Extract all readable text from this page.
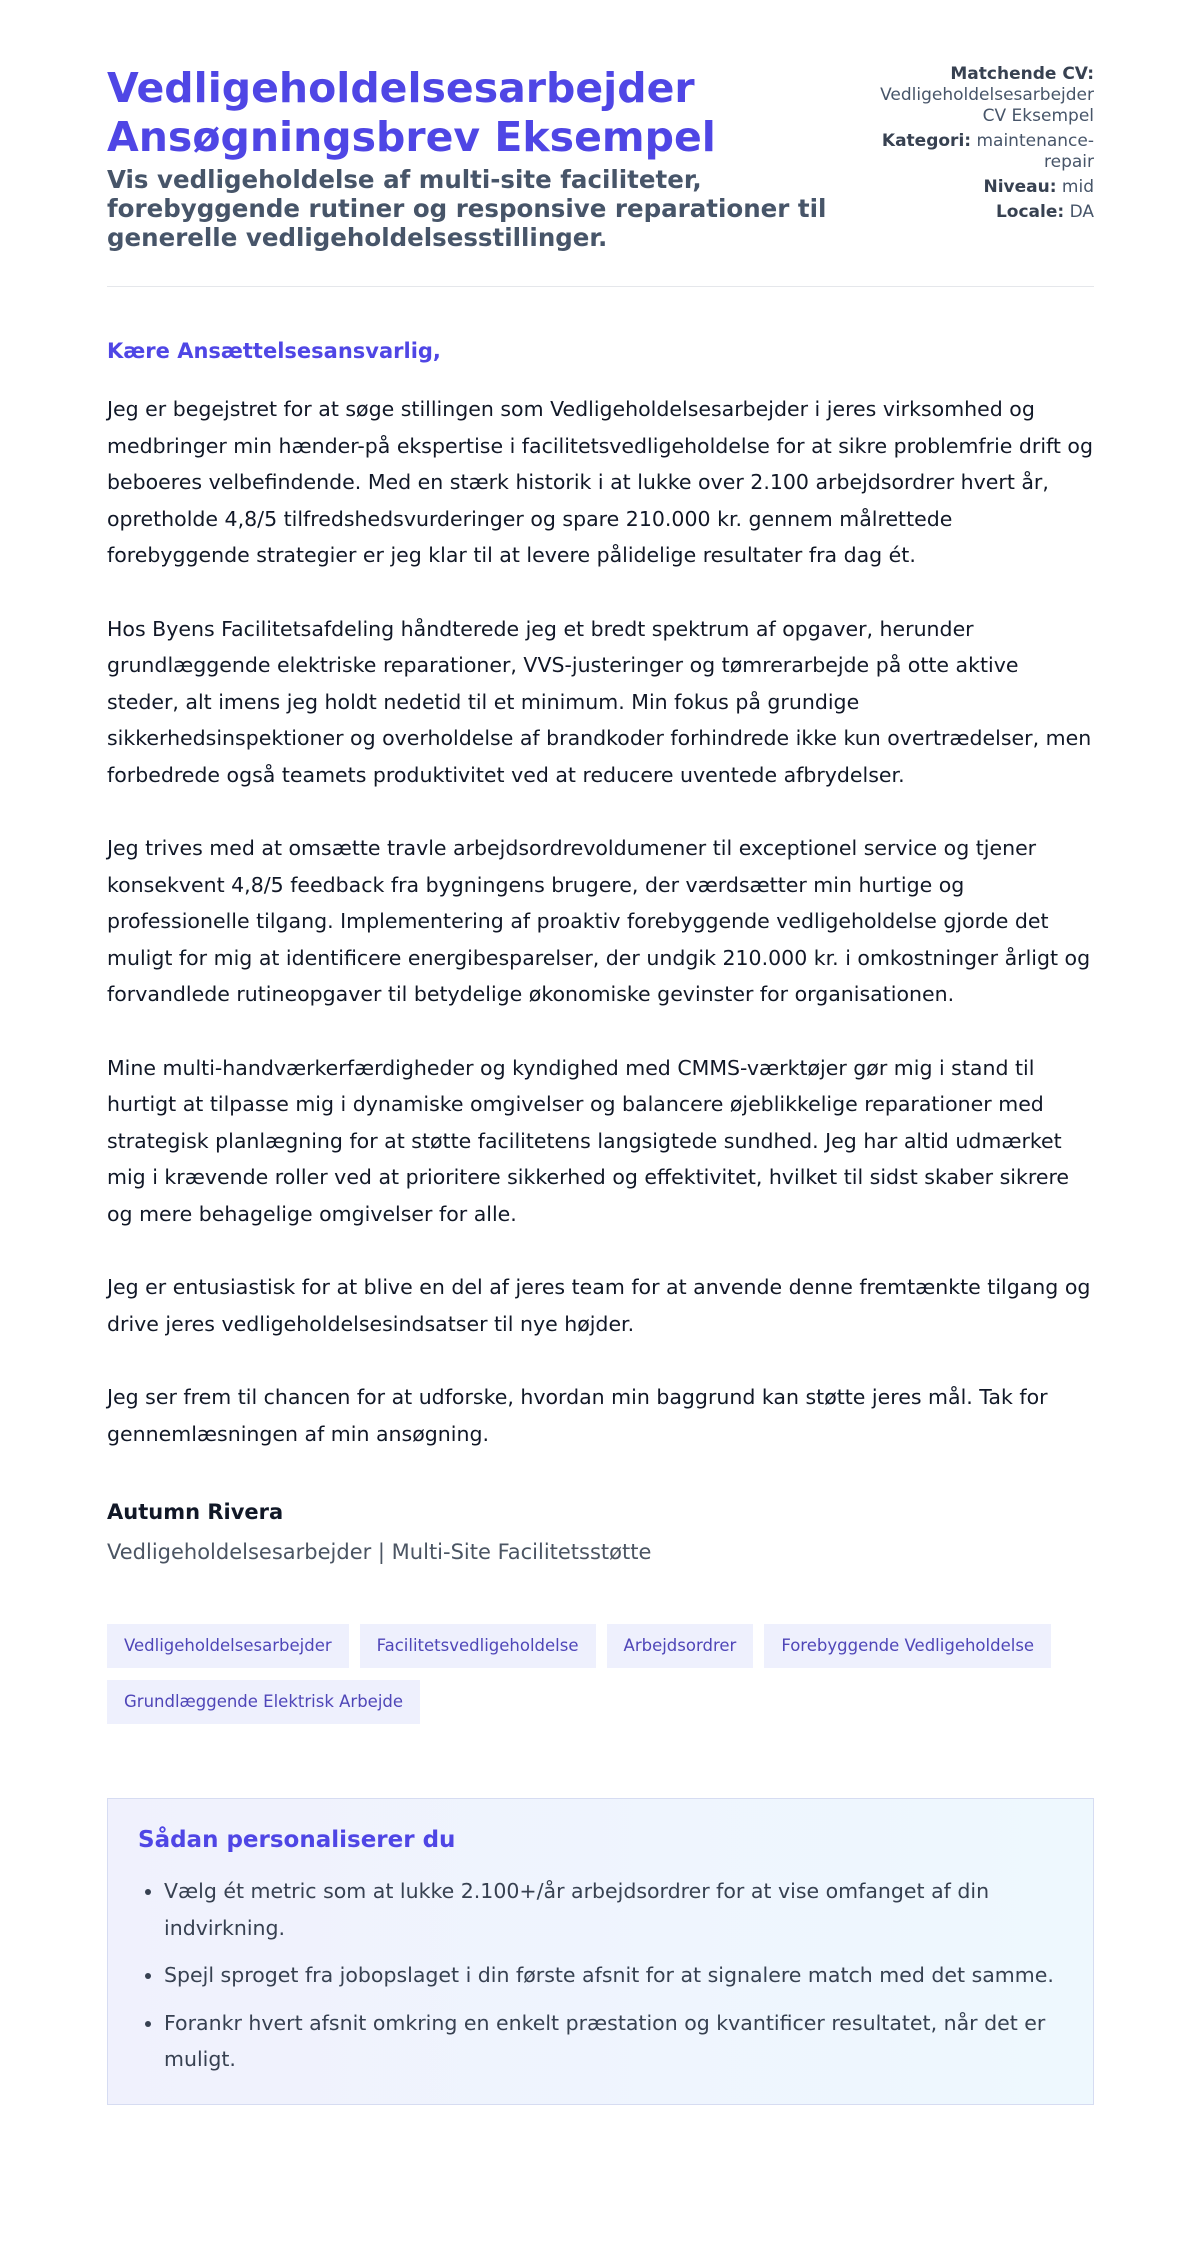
Vedligeholdelsesarbejder Ansøgningsbrev Eksempel
Vis vedligeholdelse af multi-site faciliteter, forebyggende rutiner og responsive reparationer til generelle vedligeholdelsesstillinger.
Matchende CV:
Vedligeholdelsesarbejder CV Eksempel
Kategori: maintenance-repair
Niveau: mid
Locale: DA

Kære Ansættelsesansvarlig,

Jeg er begejstret for at søge stillingen som Vedligeholdelsesarbejder i jeres virksomhed og medbringer min hænder-på ekspertise i facilitetsvedligeholdelse for at sikre problemfrie drift og beboeres velbefindende. Med en stærk historik i at lukke over 2.100 arbejdsordrer hvert år, opretholde 4,8/5 tilfredshedsvurderinger og spare 210.000 kr. gennem målrettede forebyggende strategier er jeg klar til at levere pålidelige resultater fra dag ét.

Hos Byens Facilitetsafdeling håndterede jeg et bredt spektrum af opgaver, herunder grundlæggende elektriske reparationer, VVS-justeringer og tømrerarbejde på otte aktive steder, alt imens jeg holdt nedetid til et minimum. Min fokus på grundige sikkerhedsinspektioner og overholdelse af brandkoder forhindrede ikke kun overtrædelser, men forbedrede også teamets produktivitet ved at reducere uventede afbrydelser.

Jeg trives med at omsætte travle arbejdsordrevoldumener til exceptionel service og tjener konsekvent 4,8/5 feedback fra bygningens brugere, der værdsætter min hurtige og professionelle tilgang. Implementering af proaktiv forebyggende vedligeholdelse gjorde det muligt for mig at identificere energibesparelser, der undgik 210.000 kr. i omkostninger årligt og forvandlede rutineopgaver til betydelige økonomiske gevinster for organisationen.

Mine multi-handværkerfærdigheder og kyndighed med CMMS-værktøjer gør mig i stand til hurtigt at tilpasse mig i dynamiske omgivelser og balancere øjeblikkelige reparationer med strategisk planlægning for at støtte facilitetens langsigtede sundhed. Jeg har altid udmærket mig i krævende roller ved at prioritere sikkerhed og effektivitet, hvilket til sidst skaber sikrere og mere behagelige omgivelser for alle.

Jeg er entusiastisk for at blive en del af jeres team for at anvende denne fremtænkte tilgang og drive jeres vedligeholdelsesindsatser til nye højder.

Jeg ser frem til chancen for at udforske, hvordan min baggrund kan støtte jeres mål. Tak for gennemlæsningen af min ansøgning.

Autumn Rivera
Vedligeholdelsesarbejder | Multi-Site Facilitetsstøtte
Vedligeholdelsesarbejder	Facilitetsvedligeholdelse	Arbejdsordrer	Forebyggende Vedligeholdelse
Grundlæggende Elektrisk Arbejde
Sådan personaliserer du
• Vælg ét metric som at lukke 2.100+/år arbejdsordrer for at vise omfanget af din indvirkning.
• Spejl sproget fra jobopslaget i din første afsnit for at signalere match med det samme.
• Forankr hvert afsnit omkring en enkelt præstation og kvantificer resultatet, når det er muligt.
